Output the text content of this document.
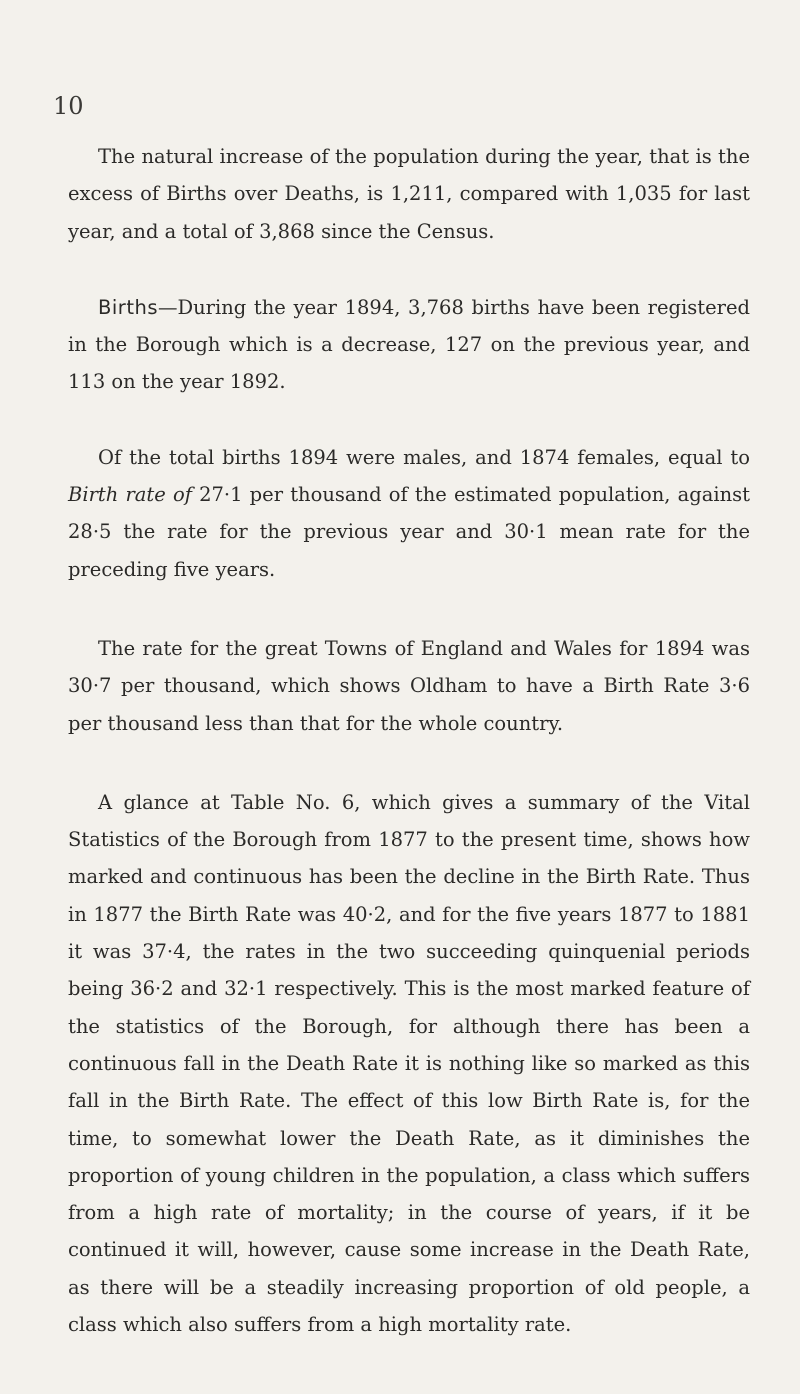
10

The natural increase of the population during the year, that is the excess of Births over Deaths, is 1,211, compared with 1,035 for last year, and a total of 3,868 since the Census.

Births—During the year 1894, 3,768 births have been registered in the Borough which is a decrease, 127 on the previous year, and 113 on the year 1892.

Of the total births 1894 were males, and 1874 females, equal to Birth rate of 27·1 per thousand of the estimated population, against 28·5 the rate for the previous year and 30·1 mean rate for the preceding five years.

The rate for the great Towns of England and Wales for 1894 was 30·7 per thousand, which shows Oldham to have a Birth Rate 3·6 per thousand less than that for the whole country.

A glance at Table No. 6, which gives a summary of the Vital Statistics of the Borough from 1877 to the present time, shows how marked and continuous has been the decline in the Birth Rate. Thus in 1877 the Birth Rate was 40·2, and for the five years 1877 to 1881 it was 37·4, the rates in the two succeeding quinquenial periods being 36·2 and 32·1 respectively. This is the most marked feature of the statistics of the Borough, for although there has been a continuous fall in the Death Rate it is nothing like so marked as this fall in the Birth Rate. The effect of this low Birth Rate is, for the time, to somewhat lower the Death Rate, as it diminishes the proportion of young children in the population, a class which suffers from a high rate of mortality; in the course of years, if it be continued it will, however, cause some increase in the Death Rate, as there will be a steadily increasing proportion of old people, a class which also suffers from a high mortality rate.
